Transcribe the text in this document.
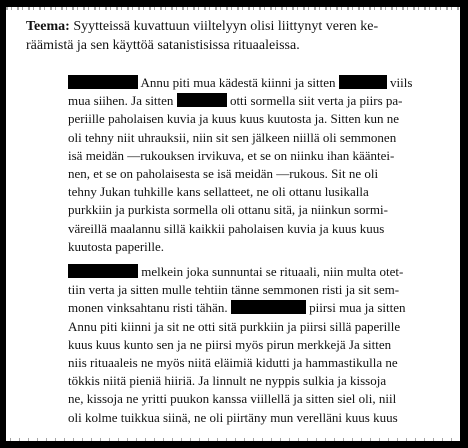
Teema: Syytteissä kuvattuun viiltelyyn olisi liittynyt veren ke-
räämistä ja sen käyttöä satanistisissa rituaaleissa.
Annu piti mua kädestä kiinni ja sitten	viils
mua siihen. Ja sitten	otti sormella siit verta ja piirs pa-
periille paholaisen kuvia ja kuus kuus kuutosta ja. Sitten kun ne
oli tehny niit uhrauksii, niin sit sen jälkeen niillä oli semmonen
isä meidän —rukouksen irvikuva, et se on niinku ihan kääntei-
nen, et se on paholaisesta se isä meidän —rukous. Sit ne oli
tehny Jukan tuhkille kans sellatteet, ne oli ottanu lusikalla
purkkiin ja purkista sormella oli ottanu sitä, ja niinkun sormi-
väreillä maalannu sillä kaikkii paholaisen kuvia ja kuus kuus
kuutosta paperille.
melkein joka sunnuntai se rituaali, niin multa otet-
tiin verta ja sitten mulle tehtiin tänne semmonen risti ja sit sem-
monen vinksahtanu risti tähän.	piirsi mua ja sitten
Annu piti kiinni ja sit ne otti sitä purkkiin ja piirsi sillä paperille
kuus kuus kunto sen ja ne piirsi myös pirun merkkejä Ja sitten
niis rituaaleis ne myös niitä eläimiä kidutti ja hammastikulla ne
tökkis niitä pieniä hiiriä. Ja linnult ne nyppis sulkia ja kissoja
ne, kissoja ne yritti puukon kanssa viillellä ja sitten siel oli, niil
oli kolme tuikkua siinä, ne oli piirtäny mun verelläni kuus kuus
